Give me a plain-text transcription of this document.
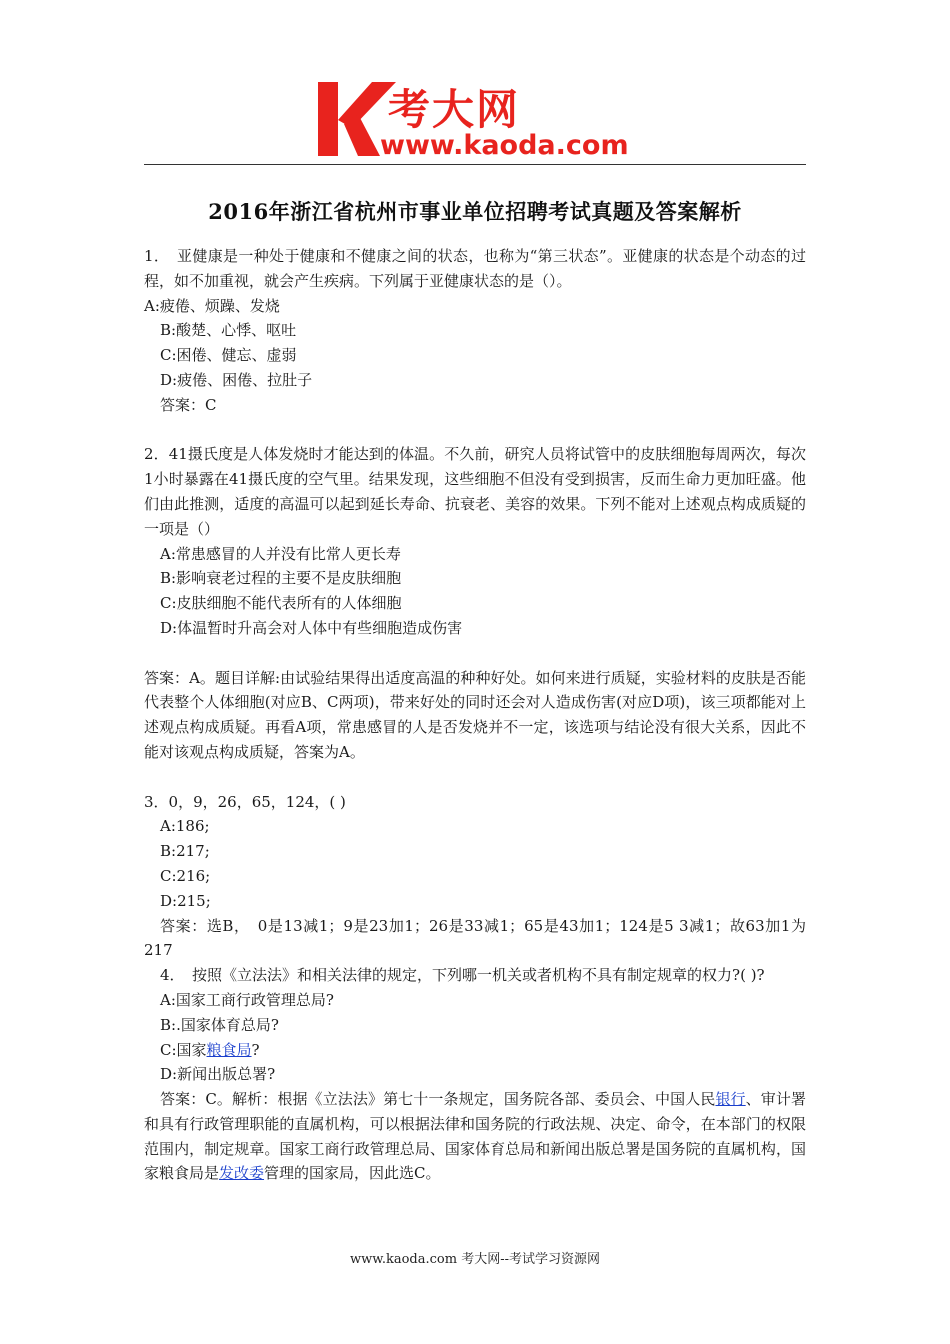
考大网
www.kaoda.com
2016年浙江省杭州市事业单位招聘考试真题及答案解析

1．　亚健康是一种处于健康和不健康之间的状态，也称为“第三状态”。亚健康的状态是个动态的过程，如不加重视，就会产生疾病。下列属于亚健康状态的是（）。

A:疲倦、烦躁、发烧

B:酸楚、心悸、呕吐

C:困倦、健忘、虚弱

D:疲倦、困倦、拉肚子

答案：C

2．41摄氏度是人体发烧时才能达到的体温。不久前，研究人员将试管中的皮肤细胞每周两次，每次1小时暴露在41摄氏度的空气里。结果发现，这些细胞不但没有受到损害，反而生命力更加旺盛。他们由此推测，适度的高温可以起到延长寿命、抗衰老、美容的效果。下列不能对上述观点构成质疑的一项是（）

A:常患感冒的人并没有比常人更长寿

B:影响衰老过程的主要不是皮肤细胞

C:皮肤细胞不能代表所有的人体细胞

D:体温暂时升高会对人体中有些细胞造成伤害

答案：A。题目详解:由试验结果得出适度高温的种种好处。如何来进行质疑，实验材料的皮肤是否能代表整个人体细胞(对应B、C两项)，带来好处的同时还会对人造成伤害(对应D项)，该三项都能对上述观点构成质疑。再看A项，常患感冒的人是否发烧并不一定，该选项与结论没有很大关系，因此不能对该观点构成质疑，答案为A。

3．0，9，26，65，124，( )

A:186;

B:217;

C:216;

D:215;

答案：选B，　0是13减1；9是23加1；26是33减1；65是43加1；124是5 3减1；故63加1为217

4．　按照《立法法》和相关法律的规定，下列哪一机关或者机构不具有制定规章的权力?( )?

A:国家工商行政管理总局?

B:.国家体育总局?

C:国家粮食局?

D:新闻出版总署?

答案：C。解析：根据《立法法》第七十一条规定，国务院各部、委员会、中国人民银行、审计署和具有行政管理职能的直属机构，可以根据法律和国务院的行政法规、决定、命令，在本部门的权限范围内，制定规章。国家工商行政管理总局、国家体育总局和新闻出版总署是国务院的直属机构，国家粮食局是发改委管理的国家局，因此选C。

www.kaoda.com 考大网--考试学习资源网
